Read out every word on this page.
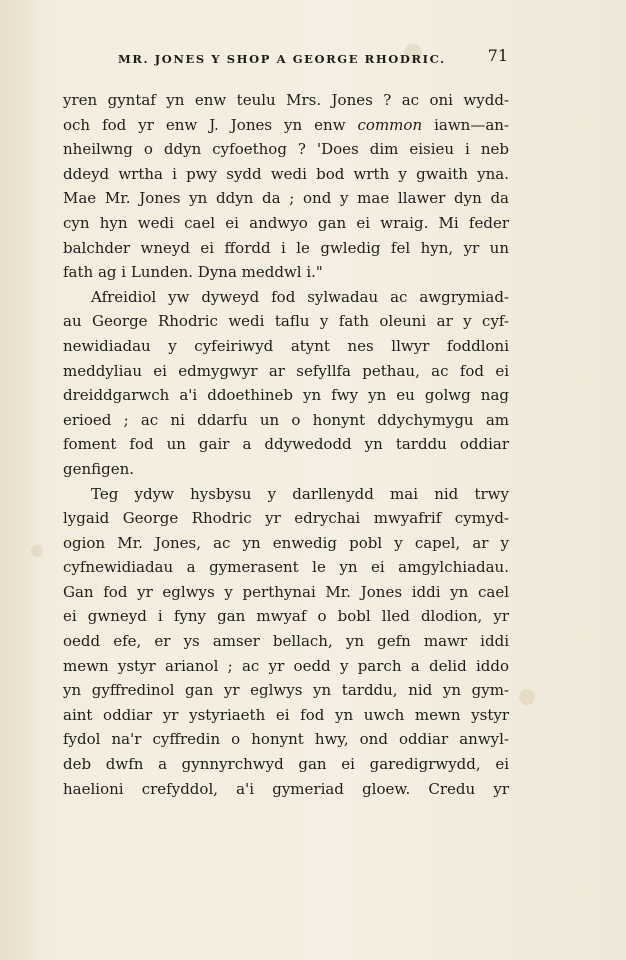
MR. JONES Y SHOP A GEORGE RHODRIC.	71
yren gyntaf yn enw teulu Mrs. Jones ? ac oni wydd-
och fod yr enw J. Jones yn enw common iawn—an-
nheilwng o ddyn cyfoethog ? 'Does dim eisieu i neb
ddeyd wrtha i pwy sydd wedi bod wrth y gwaith yna.
Mae Mr. Jones yn ddyn da ; ond y mae llawer dyn da
cyn hyn wedi cael ei andwyo gan ei wraig. Mi feder
balchder wneyd ei ffordd i le gwledig fel hyn, yr un
fath ag i Lunden. Dyna meddwl i."
Afreidiol yw dyweyd fod sylwadau ac awgrymiad-
au George Rhodric wedi taflu y fath oleuni ar y cyf-
newidiadau y cyfeiriwyd atynt nes llwyr foddloni
meddyliau ei edmygwyr ar sefyllfa pethau, ac fod ei
dreiddgarwch a'i ddoethineb yn fwy yn eu golwg nag
erioed ; ac ni ddarfu un o honynt ddychymygu am
foment fod un gair a ddywedodd yn tarddu oddiar
genfigen.
Teg ydyw hysbysu y darllenydd mai nid trwy
lygaid George Rhodric yr edrychai mwyafrif cymyd-
ogion Mr. Jones, ac yn enwedig pobl y capel, ar y
cyfnewidiadau a gymerasent le yn ei amgylchiadau.
Gan fod yr eglwys y perthynai Mr. Jones iddi yn cael
ei gwneyd i fyny gan mwyaf o bobl lled dlodion, yr
oedd efe, er ys amser bellach, yn gefn mawr iddi
mewn ystyr arianol ; ac yr oedd y parch a delid iddo
yn gyffredinol gan yr eglwys yn tarddu, nid yn gym-
aint oddiar yr ystyriaeth ei fod yn uwch mewn ystyr
fydol na'r cyffredin o honynt hwy, ond oddiar anwyl-
deb dwfn a gynnyrchwyd gan ei garedigrwydd, ei
haelioni crefyddol, a'i gymeriad gloew. Credu yr
